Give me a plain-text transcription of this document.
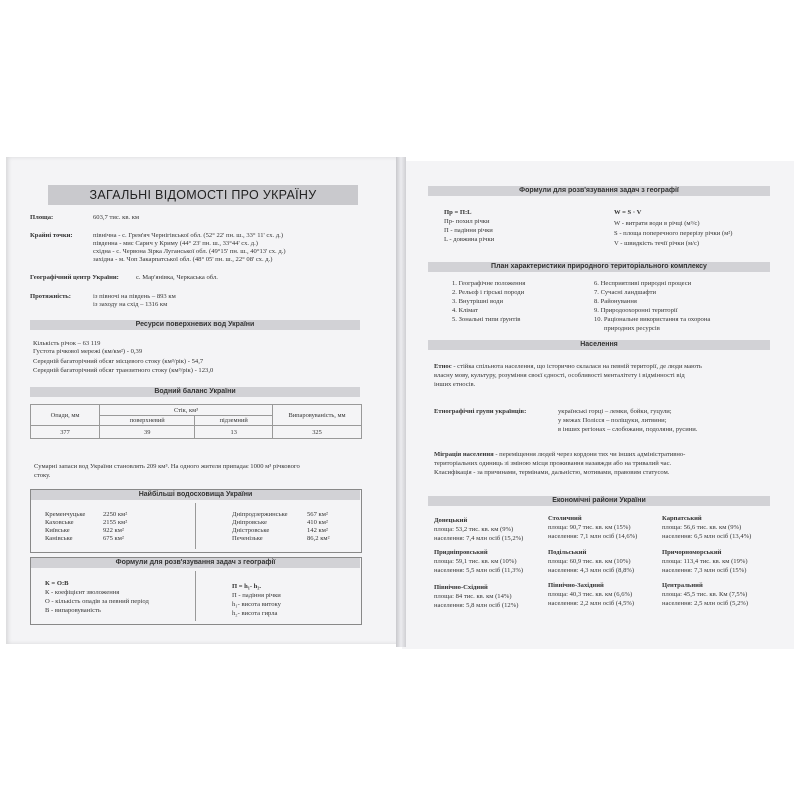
ЗАГАЛЬНІ ВІДОМОСТІ ПРО УКРАЇНУ
Площа:	603,7 тис. кв. км
Крайні точки:	північна - с. Грем'яч Чернігівської обл. (52° 22' пн. ш., 33° 11' сх. д.)
південна - мис Сарич у Криму (44° 23' пн. ш., 33°44' сх. д.)
східна - с. Червона Зірка Луганської обл. (49°15' пн. ш., 40°13' сх. д.)
західна - м. Чоп Закарпатської обл. (48° 05' пн. ш., 22° 08' сх. д.)
Географічний центр України:	с. Мар'янівка, Черкаська обл.
Протяжність:	із півночі на південь – 893 км
із заходу на схід – 1316 км
Ресурси поверхневих вод України
Кількість річок – 63 119
Густота річкової мережі (км/км²) - 0,39
Середній багаторічний обсяг місцевого стоку (км³/рік) - 54,7
Середній багаторічний обсяг транзитного стоку (км³/рік) - 123,0
Водний баланс України
Опади, мм	Стік, км³		Випаровуваність, мм
	поверхневий	підземний	
377	39	13	325
Сумарні запаси вод України становлять 209 км³. На одного жителя припадає 1000 м³ річкового
стоку.
Найбільші водосховища України
Кременчуцьке	2250 км²
Каховське	2155 км²
Київське	922 км²
Канівське	675 км²
Дніпродзержинське	567 км²
Дніпровське	410 км²
Дністровське	142 км²
Печенізьке	86,2 км²
Формули для розв'язування задач з географії
К = О:В
К - коефіцієнт зволоження
О - кількість опадів за певний період
В - випаровуваність
П = h₁- h₂.
П - падіння річки
h₁- висота витоку
h₂- висота гирла
Формули для розв'язування задач з географії
Пр = П:L
Пр- похил річки
П - падіння річки
L - довжина річки
W = S · V
W - витрати води в річці (м³/с)
S - площа поперечного перерізу річки (м²)
V - швидкість течії річки (м/с)
План характеристики природного територіального комплексу
1. Географічне положення
2. Рельєф і гірські породи
3. Внутрішні води
4. Клімат
5. Зональні типи ґрунтів
6. Несприятливі природні процеси
7. Сучасні ландшафти
8. Районування
9. Природоохоронні території
10. Раціональне використання та охорона
природних ресурсів
Населення
Етнос - стійка спільнота населення, що історично склалася на певній території, де люди мають
власну мову, культуру, розуміння своєї єдності, особливості менталітету і відмінності від
інших етносів.
Етнографічні групи українців:	українські горці – лемки, бойки, гуцули;
у межах Полісся – поліщуки, литвини;
в інших регіонах – слобожани, подоляни, русини.
Міграція населення - переміщення людей через кордони тих чи інших адміністративно-
територіальних одиниць зі зміною місця проживання назавжди або на тривалий час.
Класифікація - за причинами, термінами, дальністю, мотивами, правовим статусом.
Економічні райони України
Донецький
площа: 53,2 тис. кв. км (9%)
населення: 7,4 млн осіб (15,2%)
Столичний
площа: 90,7 тис. кв. км (15%)
населення: 7,1 млн осіб (14,6%)
Карпатський
площа: 56,6 тис. кв. км (9%)
населення: 6,5 млн осіб (13,4%)
Придніпровський
площа: 59,1 тис. кв. км (10%)
населення: 5,5 млн осіб (11,3%)
Подільський
площа: 60,9 тис. кв. км (10%)
населення: 4,3 млн осіб (8,8%)
Причорноморський
площа: 113,4 тис. кв. км (19%)
населення: 7,3 млн осіб (15%)
Північно-Східний
площа: 84 тис. кв. км (14%)
населення: 5,8 млн осіб (12%)
Північно-Західний
площа: 40,3 тис. кв. км (6,6%)
населення: 2,2 млн осіб (4,5%)
Центральний
площа: 45,5 тис. кв. Км (7,5%)
населення: 2,5 млн осіб (5,2%)
